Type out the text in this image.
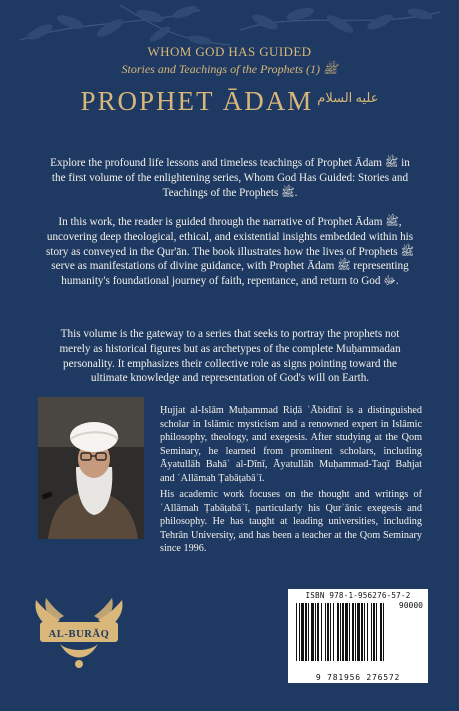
WHOM GOD HAS GUIDED
Stories and Teachings of the Prophets ﷺ (1)
PROPHET ĀDAM $^{عليه السلام}$

Explore the profound life lessons and timeless teachings of Prophet Ādam ﷺ in the first volume of the enlightening series, Whom God Has Guided: Stories and Teachings of the Prophets ﷺ.

In this work, the reader is guided through the narrative of Prophet Ādam ﷺ, uncovering deep theological, ethical, and existential insights embedded within his story as conveyed in the Qur'ān. The book illustrates how the lives of Prophets ﷺ serve as manifestations of divine guidance, with Prophet Ādam ﷺ representing humanity's foundational journey of faith, repentance, and return to God ﷻ.

This volume is the gateway to a series that seeks to portray the prophets not merely as historical figures but as archetypes of the complete Muḥammadan personality. It emphasizes their collective role as signs pointing toward the ultimate knowledge and representation of God's will on Earth.

Ḥujjat al-Islām Muḥammad Riḍā ʿĀbidīnī is a distinguished scholar in Islāmic mysticism and a renowned expert in Islāmic philosophy, theology, and exegesis. After studying at the Qom Seminary, he learned from prominent scholars, including Āyatullāh Bahāʾ al-Dīnī, Āyatullāh Muḥammad-Taqī Bahjat and ʿAllāmah Ṭabāṭabāʾī.

His academic work focuses on the thought and writings of ʿAllāmah Ṭabāṭabāʾī, particularly his Qurʾānic exegesis and philosophy. He has taught at leading universities, including Tehrān University, and has been a teacher at the Qom Seminary since 1996.

AL-BURĀQ
ISBN 978-1-956276-57-2
90000
9 781956 276572
